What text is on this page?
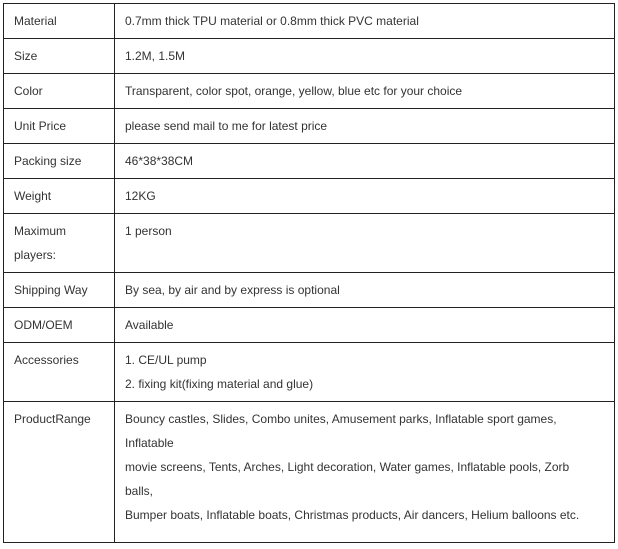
Material	0.7mm thick TPU material or 0.8mm thick PVC material
Size	1.2M, 1.5M
Color	Transparent, color spot, orange, yellow, blue etc for your choice
Unit Price	please send mail to me for latest price
Packing size	46*38*38CM
Weight	12KG

Maximum
players:	1 person
Shipping Way	By sea, by air and by express is optional
ODM/OEM	Available
Accessories	1. CE/UL pump
2. fixing kit(fixing material and glue)

ProductRange	Bouncy castles, Slides, Combo unites, Amusement parks, Inflatable sport games,
Inflatable
movie screens, Tents, Arches, Light decoration, Water games, Inflatable pools, Zorb
balls,
Bumper boats, Inflatable boats, Christmas products, Air dancers, Helium balloons etc.
